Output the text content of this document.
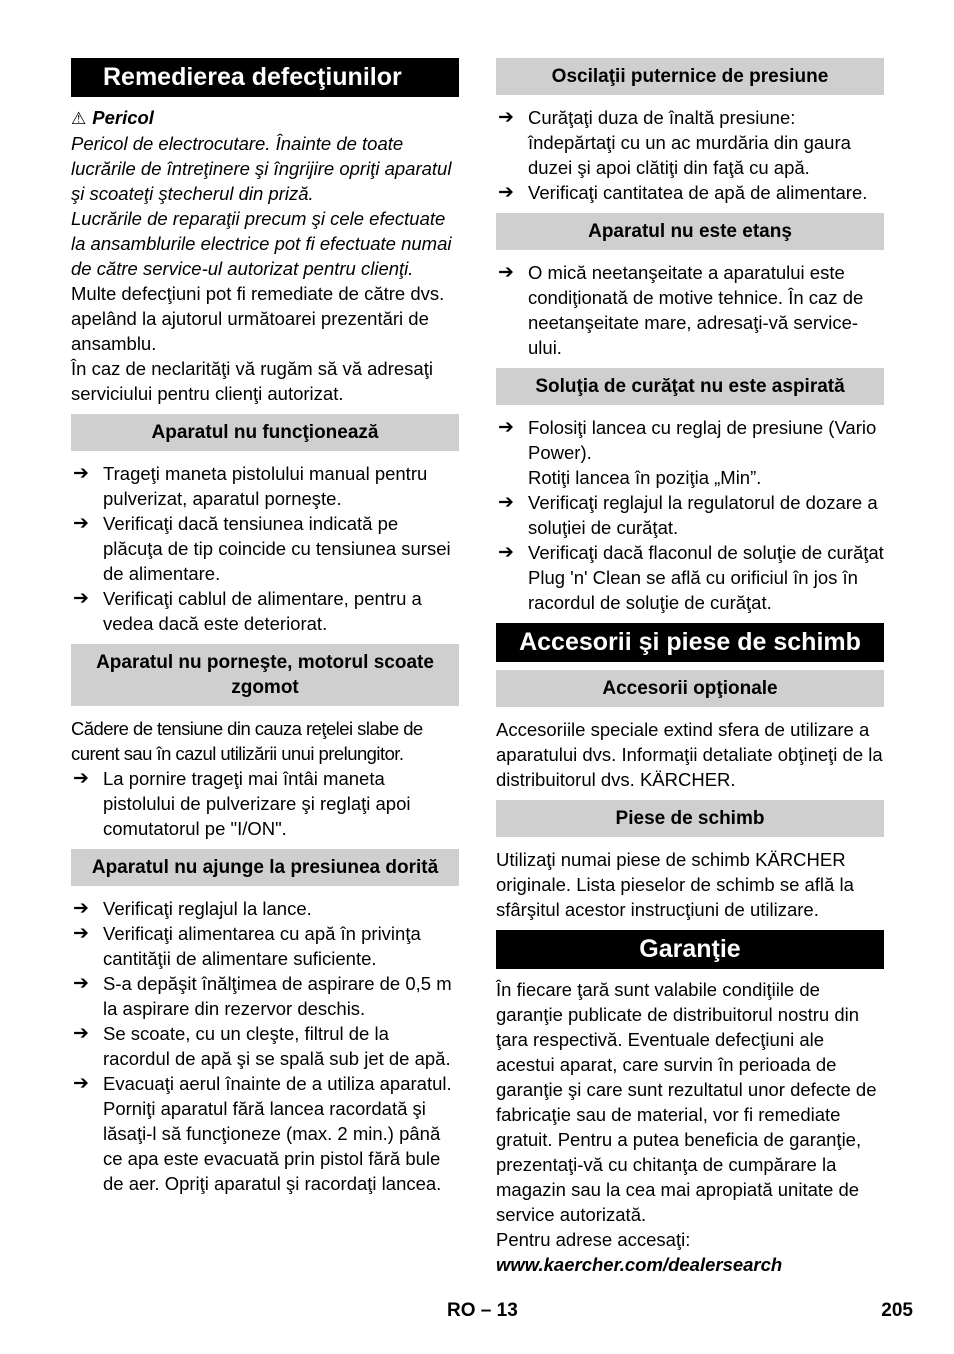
Remedierea defecţiunilor
⚠ Pericol

Pericol de electrocutare. Înainte de toate lucrările de întreţinere şi îngrijire opriţi aparatul şi scoateţi ştecherul din priză.

Lucrările de reparaţii precum şi cele efectuate la ansamblurile electrice pot fi efectuate numai de către service-ul autorizat pentru clienţi.

Multe defecţiuni pot fi remediate de către dvs. apelând la ajutorul următoarei prezentări de ansamblu.

În caz de neclarităţi vă rugăm să vă adresaţi serviciului pentru clienţi autorizat.

Aparatul nu funcţionează
➔ Trageţi maneta pistolului manual pentru pulverizat, aparatul porneşte.
➔ Verificaţi dacă tensiunea indicată pe plăcuţa de tip coincide cu tensiunea sursei de alimentare.
➔ Verificaţi cablul de alimentare, pentru a vedea dacă este deteriorat.
Aparatul nu porneşte, motorul scoate zgomot

Cădere de tensiune din cauza reţelei slabe de curent sau în cazul utilizării unui prelungitor.

➔ La pornire trageţi mai întâi maneta pistolului de pulverizare şi reglaţi apoi comutatorul pe "I/ON".
Aparatul nu ajunge la presiunea dorită
➔ Verificaţi reglajul la lance.
➔ Verificaţi alimentarea cu apă în privinţa cantităţii de alimentare suficiente.
➔ S-a depăşit înălţimea de aspirare de 0,5 m la aspirare din rezervor deschis.
➔ Se scoate, cu un cleşte, filtrul de la racordul de apă şi se spală sub jet de apă.
➔ Evacuaţi aerul înainte de a utiliza aparatul.
Porniţi aparatul fără lancea racordată şi lăsaţi-l să funcţioneze (max. 2 min.) până ce apa este evacuată prin pistol fără bule de aer. Opriţi aparatul şi racordaţi lancea.
Oscilaţii puternice de presiune
➔ Curăţaţi duza de înaltă presiune: îndepărtaţi cu un ac murdăria din gaura duzei şi apoi clătiţi din faţă cu apă.
➔ Verificaţi cantitatea de apă de alimentare.
Aparatul nu este etanş
➔ O mică neetanşeitate a aparatului este condiţionată de motive tehnice. În caz de neetanşeitate mare, adresaţi-vă service-ului.
Soluţia de curăţat nu este aspirată
➔ Folosiţi lancea cu reglaj de presiune (Vario Power).
Rotiţi lancea în poziţia „Min”.
➔ Verificaţi reglajul la regulatorul de dozare a soluţiei de curăţat.
➔ Verificaţi dacă flaconul de soluţie de curăţat Plug 'n' Clean se află cu orificiul în jos în racordul de soluţie de curăţat.
Accesorii şi piese de schimb
Accesorii opţionale

Accesoriile speciale extind sfera de utilizare a aparatului dvs. Informaţii detaliate obţineţi de la distribuitorul dvs. KÄRCHER.

Piese de schimb

Utilizaţi numai piese de schimb KÄRCHER originale. Lista pieselor de schimb se află la sfârşitul acestor instrucţiuni de utilizare.

Garanţie

În fiecare ţară sunt valabile condiţiile de garanţie publicate de distribuitorul nostru din ţara respectivă. Eventuale defecţiuni ale acestui aparat, care survin în perioada de garanţie şi care sunt rezultatul unor defecte de fabricaţie sau de material, vor fi remediate gratuit. Pentru a putea beneficia de garanţie, prezentaţi-vă cu chitanţa de cumpărare la magazin sau la cea mai apropiată unitate de service autorizată.

Pentru adrese accesaţi:

www.kaercher.com/dealersearch

RO – 13	205
